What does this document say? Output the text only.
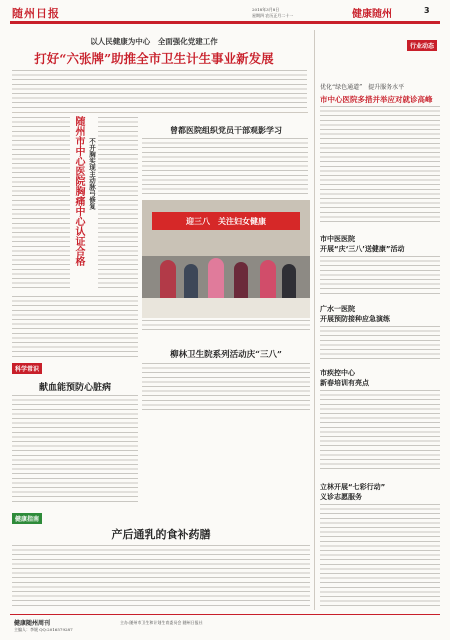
随州日报	2018年3月8日
星期四 农历正月二十一	健康随州	3
以人民健康为中心　全面强化党建工作
打好“六张牌”助推全市卫生计生事业新发展
随州市中心医院胸痛中心认证合格 不开胸实现主动脉弓修复
曾都医院组织党员干部观影学习
迎三八　关注妇女健康
柳林卫生院系列活动庆“三八”
科学常识
献血能预防心脏病
健康指南
产后通乳的食补药膳
行业动态
优化“绿色通道”　提升服务水平
市中心医院多措并举应对就诊高峰
市中医医院
开展“庆‘三八’送健康”活动
广水一医院
开展预防接种应急演练
市疾控中心
新春培训有亮点
立林开展“七彩行动”
义诊志愿服务
健康随州周刊
主编人：李媛 QQ:2016579287
主办:随州市卫生和计划生育委员会 随州日报社
